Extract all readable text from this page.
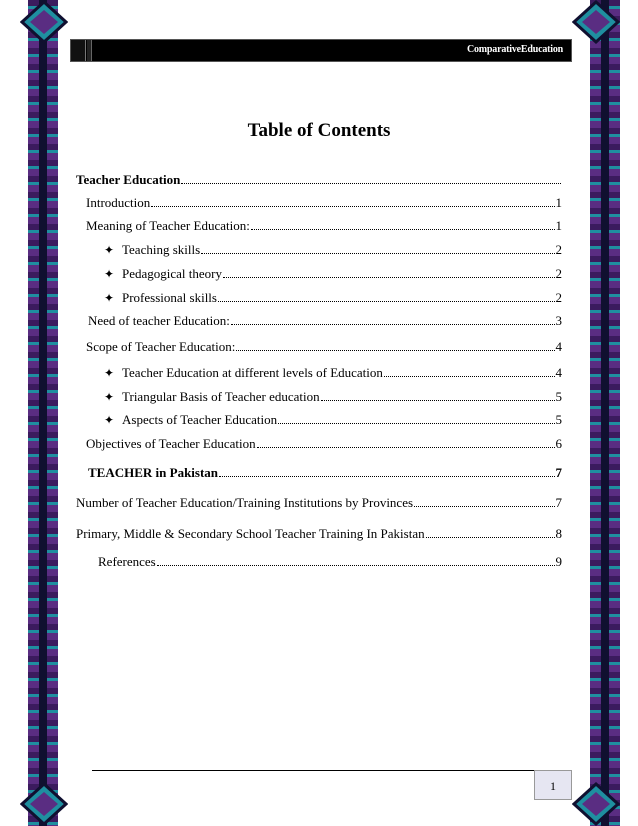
ComparativeEducation
Table of Contents
Teacher Education
Introduction	1
Meaning of Teacher Education:	1
✦ Teaching skills	2
✦ Pedagogical theory	2
✦ Professional skills	2
Need of teacher Education:	3
Scope of Teacher Education:	4
✦ Teacher Education at different levels of Education	4
✦ Triangular Basis of Teacher education	5
✦ Aspects of Teacher Education	5
Objectives of Teacher Education	6
TEACHER in Pakistan	7
Number of Teacher Education/Training Institutions by Provinces	7
Primary, Middle & Secondary School Teacher Training In Pakistan	8
References	9
1
